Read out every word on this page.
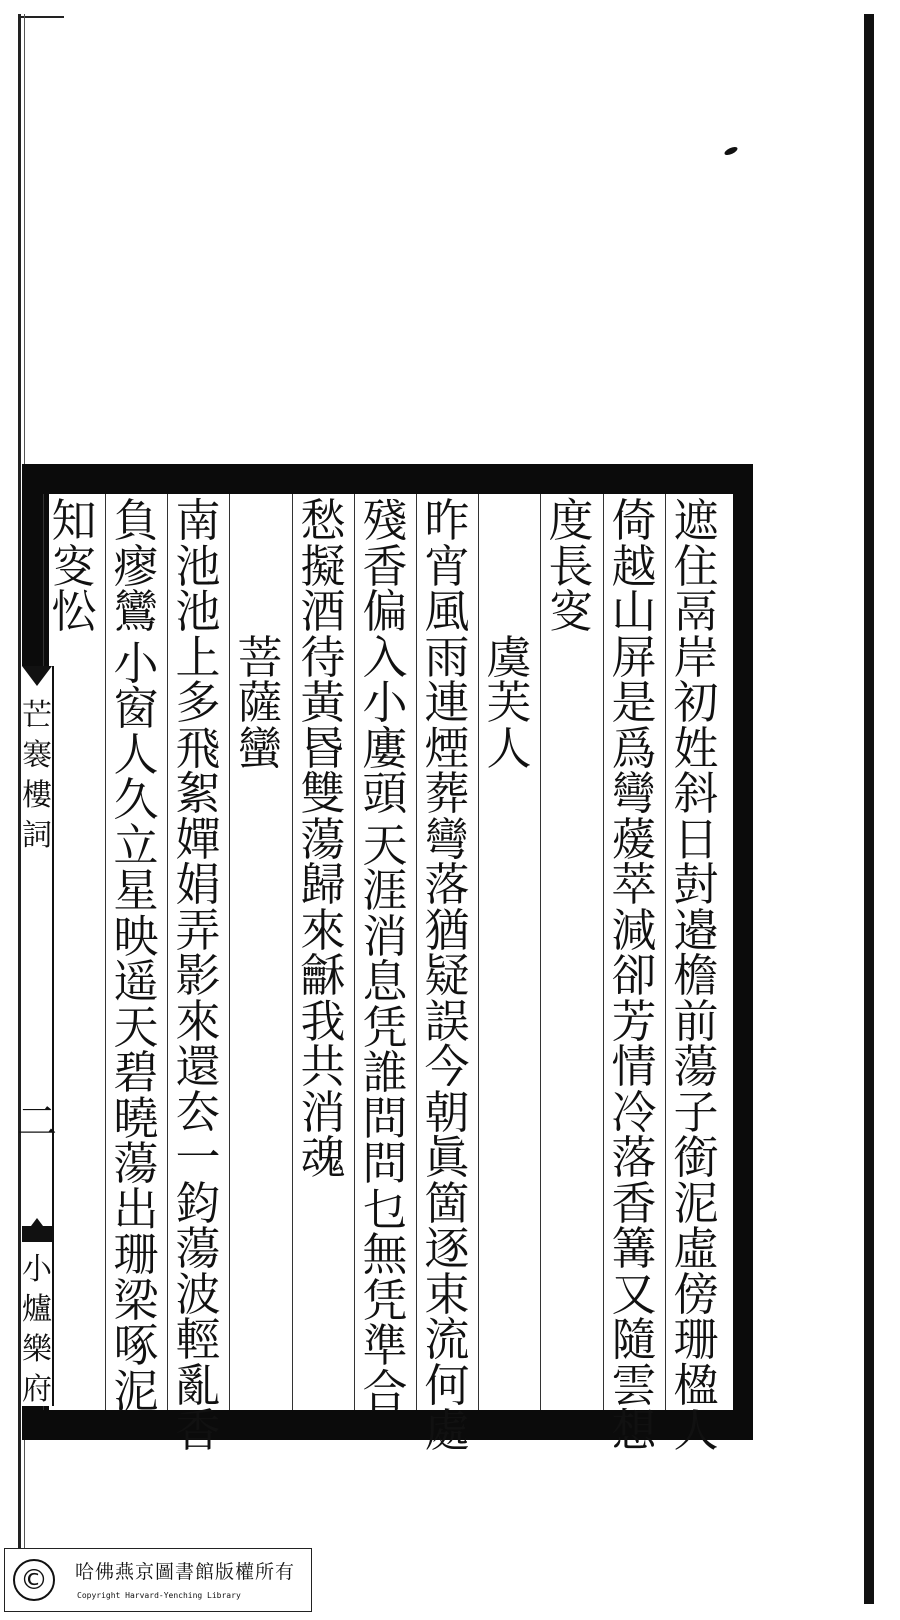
遮
住
鬲
岸
初
姓
斜
日
尌
邉
檐
前
蕩
子
銜
泥
虛
傍
珊
楹
人
倚
越
山
屏
是
爲
彎
蕿
萃
減
卻
芳
情
冷
落
香
篝
又
隨
雲
想
度
長
叜
虞
芙
人
昨
宵
風
雨
連
煙
葬
彎
落
猶
疑
誤
今
朝
眞
箇
逐
束
流
何
處
殘
香
偏
入
小
廔
頭
天
涯
消
息
凭
誰
問
問
乜
無
凭
準
合
愁
擬
酒
待
黃
昬
雙
蕩
歸
來
龢
我
共
消
魂
菩
薩
蠻
南
池
池
上
多
飛
絮
嬋
娟
弄
影
來
還
厺
一
鈞
蕩
波
輕
亂
香
負
瘳
鸞
小
窗
人
久
立
星
映
遥
天
碧
曉
蕩
出
珊
梁
啄
泥
知
叜
忪
芒
褰
樓
詞
二
小
爐
樂
府
©	哈佛燕京圖書館版權所有
Copyright Harvard-Yenching Library
